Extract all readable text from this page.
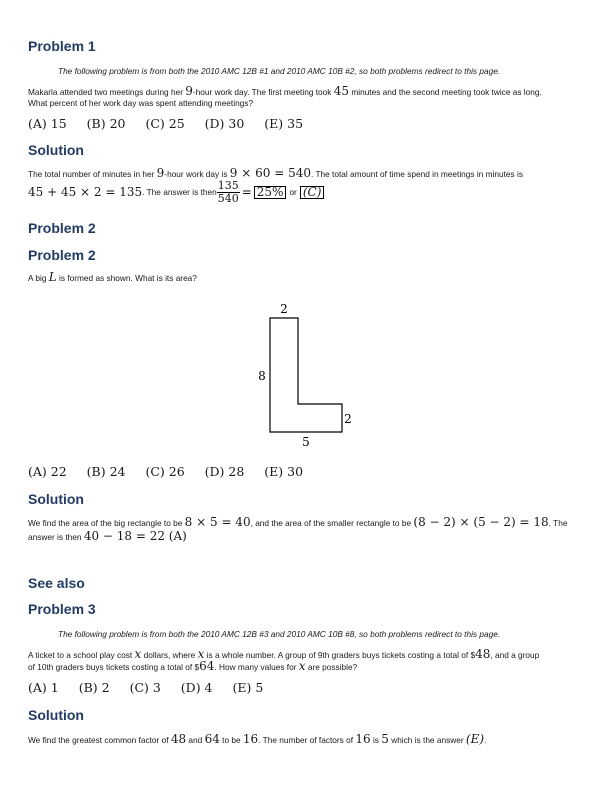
Problem 1
The following problem is from both the 2010 AMC 12B #1 and 2010 AMC 10B #2, so both problems redirect to this page.
Makarla attended two meetings during her 9-hour work day. The first meeting took 45 minutes and the second meeting took twice as long.
What percent of her work day was spent attending meetings?
(A) 15 (B) 20 (C) 25 (D) 30 (E) 35
Solution
The total number of minutes in her 9-hour work day is 9 × 60 = 540. The total amount of time spend in meetings in minutes is
45 + 45 × 2 = 135 . The answer is then $\frac{135}{540} = 25\%$ or (C)
Problem 2
Problem 2
A big L is formed as shown. What is its area?
2
8
2
5
(A) 22 (B) 24 (C) 26 (D) 28 (E) 30
Solution
We find the area of the big rectangle to be 8 × 5 = 40, and the area of the smaller rectangle to be (8 − 2) × (5 − 2) = 18. The
answer is then 40 − 18 = 22 (A)
See also
Problem 3
The following problem is from both the 2010 AMC 12B #3 and 2010 AMC 10B #8, so both problems redirect to this page.
A ticket to a school play cost x dollars, where x is a whole number. A group of 9th graders buys tickets costing a total of $48, and a group
of 10th graders buys tickets costing a total of $64. How many values for x are possible?
(A) 1 (B) 2 (C) 3 (D) 4 (E) 5
Solution
We find the greatest common factor of 48 and 64 to be 16. The number of factors of 16 is 5 which is the answer (E).
